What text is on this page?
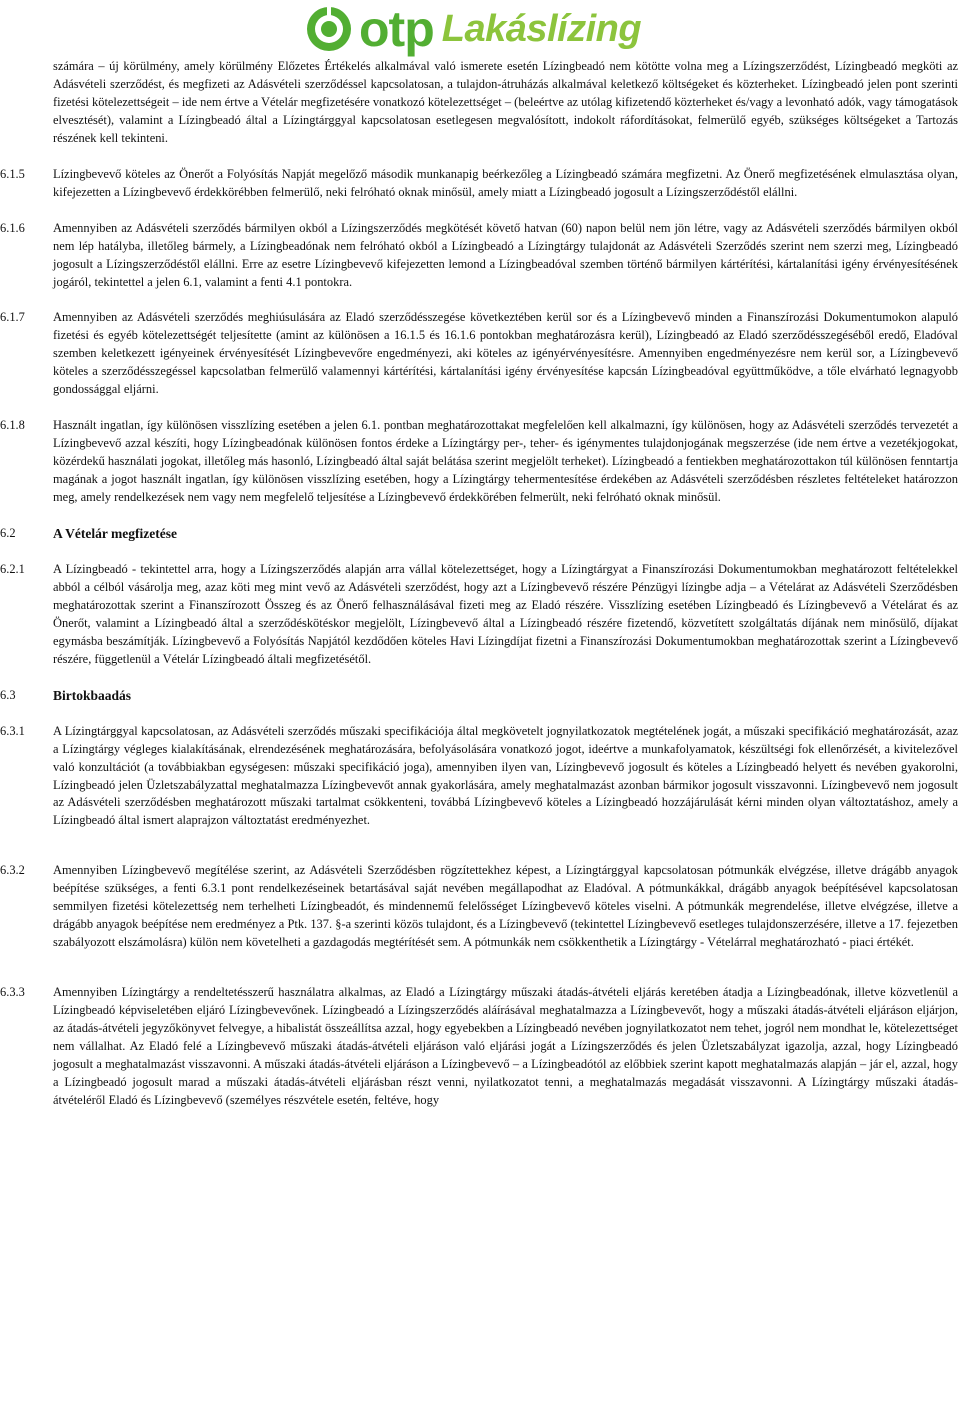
otp Lakáslízing

számára – új körülmény, amely körülmény Előzetes Értékelés alkalmával való ismerete esetén Lízingbeadó nem kötötte volna meg a Lízingszerződést, Lízingbeadó megköti az Adásvételi szerződést, és megfizeti az Adásvételi szerződéssel kapcsolatosan, a tulajdon-átruházás alkalmával keletkező költségeket és közterheket. Lízingbeadó jelen pont szerinti fizetési kötelezettségeit – ide nem értve a Vételár megfizetésére vonatkozó kötelezettséget – (beleértve az utólag kifizetendő közterheket és/vagy a levonható adók, vagy támogatások elvesztését), valamint a Lízingbeadó által a Lízingtárggyal kapcsolatosan esetlegesen megvalósított, indokolt ráfordításokat, felmerülő egyéb, szükséges költségeket a Tartozás részének kell tekinteni.

6.1.5	Lízingbevevő köteles az Önerőt a Folyósítás Napját megelőző második munkanapig beérkezőleg a Lízingbeadó számára megfizetni. Az Önerő megfizetésének elmulasztása olyan, kifejezetten a Lízingbevevő érdekkörébben felmerülő, neki felróható oknak minősül, amely miatt a Lízingbeadó jogosult a Lízingszerződéstől elállni.
6.1.6	Amennyiben az Adásvételi szerződés bármilyen okból a Lízingszerződés megkötését követő hatvan (60) napon belül nem jön létre, vagy az Adásvételi szerződés bármilyen okból nem lép hatályba, illetőleg bármely, a Lízingbeadónak nem felróható okból a Lízingbeadó a Lízingtárgy tulajdonát az Adásvételi Szerződés szerint nem szerzi meg, Lízingbeadó jogosult a Lízingszerződéstől elállni. Erre az esetre Lízingbevevő kifejezetten lemond a Lízingbeadóval szemben történő bármilyen kártérítési, kártalanítási igény érvényesítésének jogáról, tekintettel a jelen 6.1, valamint a fenti 4.1 pontokra.
6.1.7	Amennyiben az Adásvételi szerződés meghiúsulására az Eladó szerződésszegése következtében kerül sor és a Lízingbevevő minden a Finanszírozási Dokumentumokon alapuló fizetési és egyéb kötelezettségét teljesítette (amint az különösen a 16.1.5 és 16.1.6 pontokban meghatározásra kerül), Lízingbeadó az Eladó szerződésszegéséből eredő, Eladóval szemben keletkezett igényeinek érvényesítését Lízingbevevőre engedményezi, aki köteles az igényérvényesítésre. Amennyiben engedményezésre nem kerül sor, a Lízingbevevő köteles a szerződésszegéssel kapcsolatban felmerülő valamennyi kártérítési, kártalanítási igény érvényesítése kapcsán Lízingbeadóval együttműködve, a tőle elvárható legnagyobb gondossággal eljárni.
6.1.8	Használt ingatlan, így különösen visszlízing esetében a jelen 6.1. pontban meghatározottakat megfelelően kell alkalmazni, így különösen, hogy az Adásvételi szerződés tervezetét a Lízingbevevő azzal készíti, hogy Lízingbeadónak különösen fontos érdeke a Lízingtárgy per-, teher- és igénymentes tulajdonjogának megszerzése (ide nem értve a vezetékjogokat, közérdekű használati jogokat, illetőleg más hasonló, Lízingbeadó által saját belátása szerint megjelölt terheket). Lízingbeadó a fentiekben meghatározottakon túl különösen fenntartja magának a jogot használt ingatlan, így különösen visszlízing esetében, hogy a Lízingtárgy tehermentesítése érdekében az Adásvételi szerződésben részletes feltételeket határozzon meg, amely rendelkezések nem vagy nem megfelelő teljesítése a Lízingbevevő érdekkörében felmerült, neki felróható oknak minősül.
6.2	A Vételár megfizetése
6.2.1	A Lízingbeadó - tekintettel arra, hogy a Lízingszerződés alapján arra vállal kötelezettséget, hogy a Lízingtárgyat a Finanszírozási Dokumentumokban meghatározott feltételekkel abból a célból vásárolja meg, azaz köti meg mint vevő az Adásvételi szerződést, hogy azt a Lízingbevevő részére Pénzügyi lízingbe adja – a Vételárat az Adásvételi Szerződésben meghatározottak szerint a Finanszírozott Összeg és az Önerő felhasználásával fizeti meg az Eladó részére. Visszlízing esetében Lízingbeadó és Lízingbevevő a Vételárat és az Önerőt, valamint a Lízingbeadó által a szerződéskötéskor megjelölt, Lízingbevevő által a Lízingbeadó részére fizetendő, közvetített szolgáltatás díjának nem minősülő, díjakat egymásba beszámítják. Lízingbevevő a Folyósítás Napjától kezdődően köteles Havi Lízingdíjat fizetni a Finanszírozási Dokumentumokban meghatározottak szerint a Lízingbevevő részére, függetlenül a Vételár Lízingbeadó általi megfizetésétől.
6.3	Birtokbaadás
6.3.1	A Lízingtárggyal kapcsolatosan, az Adásvételi szerződés műszaki specifikációja által megkövetelt jognyilatkozatok megtételének jogát, a műszaki specifikáció meghatározását, azaz a Lízingtárgy végleges kialakításának, elrendezésének meghatározására, befolyásolására vonatkozó jogot, ideértve a munkafolyamatok, készültségi fok ellenőrzését, a kivitelezővel való konzultációt (a továbbiakban egységesen: műszaki specifikáció joga), amennyiben ilyen van, Lízingbevevő jogosult és köteles a Lízingbeadó helyett és nevében gyakorolni, Lízingbeadó jelen Üzletszabályzattal meghatalmazza Lízingbevevőt annak gyakorlására, amely meghatalmazást azonban bármikor jogosult visszavonni. Lízingbevevő nem jogosult az Adásvételi szerződésben meghatározott műszaki tartalmat csökkenteni, továbbá Lízingbevevő köteles a Lízingbeadó hozzájárulását kérni minden olyan változtatáshoz, amely a Lízingbeadó által ismert alaprajzon változtatást eredményezhet.
6.3.2	Amennyiben Lízingbevevő megítélése szerint, az Adásvételi Szerződésben rögzítettekhez képest, a Lízingtárggyal kapcsolatosan pótmunkák elvégzése, illetve drágább anyagok beépítése szükséges, a fenti 6.3.1 pont rendelkezéseinek betartásával saját nevében megállapodhat az Eladóval. A pótmunkákkal, drágább anyagok beépítésével kapcsolatosan semmilyen fizetési kötelezettség nem terhelheti Lízingbeadót, és mindennemű felelősséget Lízingbevevő köteles viselni. A pótmunkák megrendelése, illetve elvégzése, illetve a drágább anyagok beépítése nem eredményez a Ptk. 137. §-a szerinti közös tulajdont, és a Lízingbevevő (tekintettel Lízingbevevő esetleges tulajdonszerzésére, illetve a 17. fejezetben szabályozott elszámolásra) külön nem követelheti a gazdagodás megtérítését sem. A pótmunkák nem csökkenthetik a Lízingtárgy - Vételárral meghatározható - piaci értékét.
6.3.3	Amennyiben Lízingtárgy a rendeltetésszerű használatra alkalmas, az Eladó a Lízingtárgy műszaki átadás-átvételi eljárás keretében átadja a Lízingbeadónak, illetve közvetlenül a Lízingbeadó képviseletében eljáró Lízingbevevőnek. Lízingbeadó a Lízingszerződés aláírásával meghatalmazza a Lízingbevevőt, hogy a műszaki átadás-átvételi eljáráson eljárjon, az átadás-átvételi jegyzőkönyvet felvegye, a hibalistát összeállítsa azzal, hogy egyebekben a Lízingbeadó nevében jognyilatkozatot nem tehet, jogról nem mondhat le, kötelezettséget nem vállalhat. Az Eladó felé a Lízingbevevő műszaki átadás-átvételi eljáráson való eljárási jogát a Lízingszerződés és jelen Üzletszabályzat igazolja, azzal, hogy Lízingbeadó jogosult a meghatalmazást visszavonni. A műszaki átadás-átvételi eljáráson a Lízingbevevő – a Lízingbeadótól az előbbiek szerint kapott meghatalmazás alapján – jár el, azzal, hogy a Lízingbeadó jogosult marad a műszaki átadás-átvételi eljárásban részt venni, nyilatkozatot tenni, a meghatalmazás megadását visszavonni. A Lízingtárgy műszaki átadás-átvételéről Eladó és Lízingbevevő (személyes részvétele esetén, feltéve, hogy
